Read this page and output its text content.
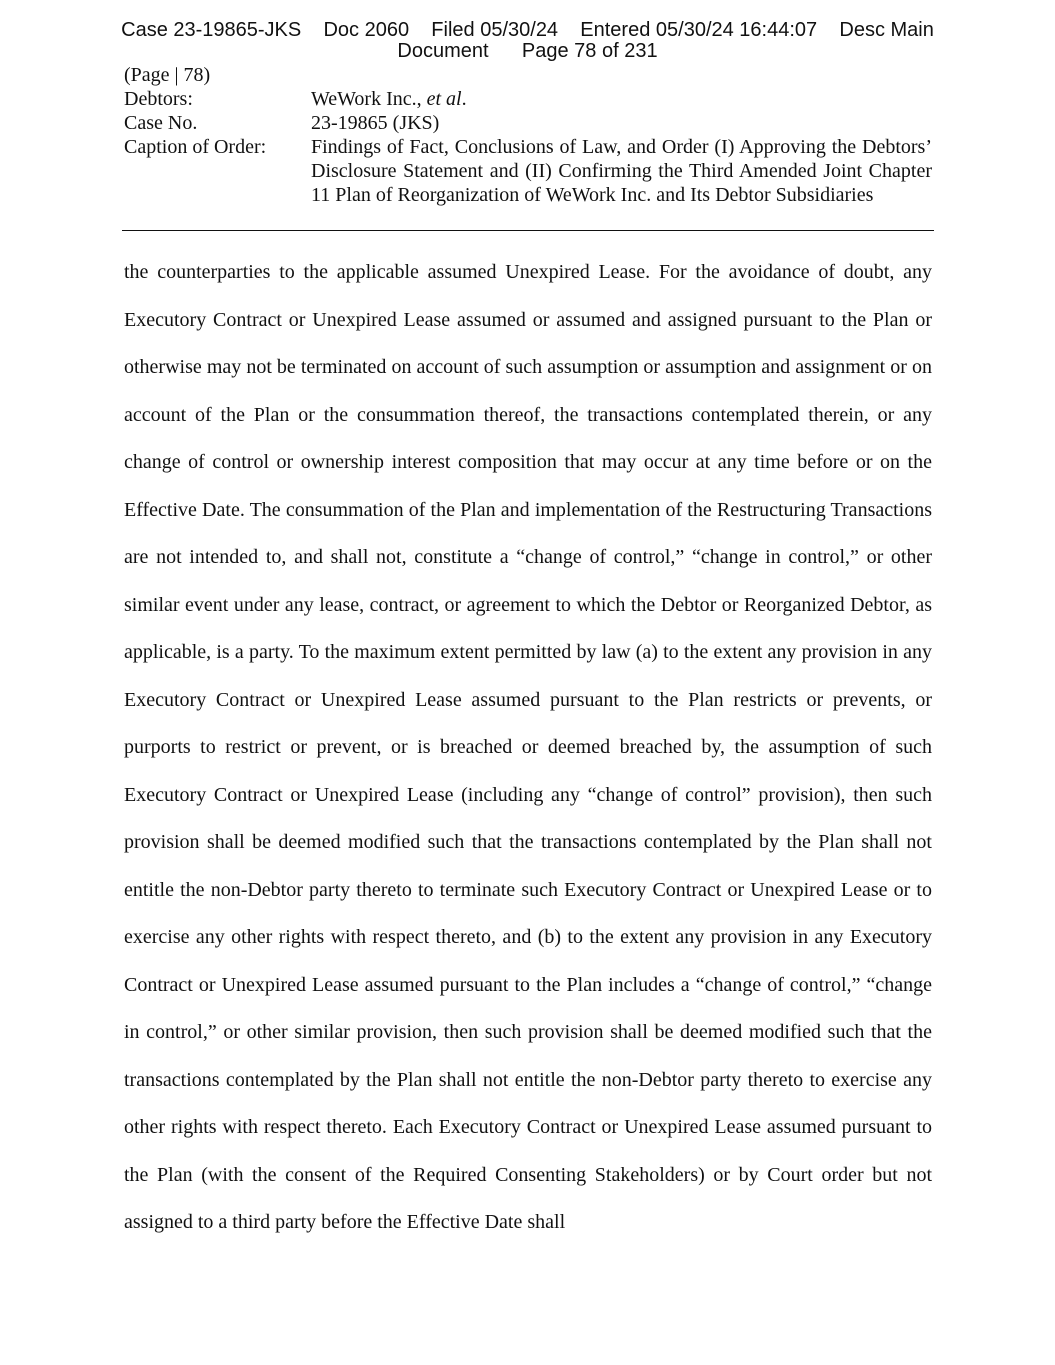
Case 23-19865-JKS    Doc 2060    Filed 05/30/24    Entered 05/30/24 16:44:07    Desc Main
Document      Page 78 of 231
(Page | 78)
Debtors:	WeWork Inc., et al.
Case No.	23-19865 (JKS)
Caption of Order:	Findings of Fact, Conclusions of Law, and Order (I) Approving the Debtors’ Disclosure Statement and (II) Confirming the Third Amended Joint Chapter 11 Plan of Reorganization of WeWork Inc. and Its Debtor Subsidiaries

the counterparties to the applicable assumed Unexpired Lease. For the avoidance of doubt, any Executory Contract or Unexpired Lease assumed or assumed and assigned pursuant to the Plan or otherwise may not be terminated on account of such assumption or assumption and assignment or on account of the Plan or the consummation thereof, the transactions contemplated therein, or any change of control or ownership interest composition that may occur at any time before or on the Effective Date. The consummation of the Plan and implementation of the Restructuring Transactions are not intended to, and shall not, constitute a “change of control,” “change in control,” or other similar event under any lease, contract, or agreement to which the Debtor or Reorganized Debtor, as applicable, is a party. To the maximum extent permitted by law (a) to the extent any provision in any Executory Contract or Unexpired Lease assumed pursuant to the Plan restricts or prevents, or purports to restrict or prevent, or is breached or deemed breached by, the assumption of such Executory Contract or Unexpired Lease (including any “change of control” provision), then such provision shall be deemed modified such that the transactions contemplated by the Plan shall not entitle the non-Debtor party thereto to terminate such Executory Contract or Unexpired Lease or to exercise any other rights with respect thereto, and (b) to the extent any provision in any Executory Contract or Unexpired Lease assumed pursuant to the Plan includes a “change of control,” “change in control,” or other similar provision, then such provision shall be deemed modified such that the transactions contemplated by the Plan shall not entitle the non-Debtor party thereto to exercise any other rights with respect thereto. Each Executory Contract or Unexpired Lease assumed pursuant to the Plan (with the consent of the Required Consenting Stakeholders) or by Court order but not assigned to a third party before the Effective Date shall
